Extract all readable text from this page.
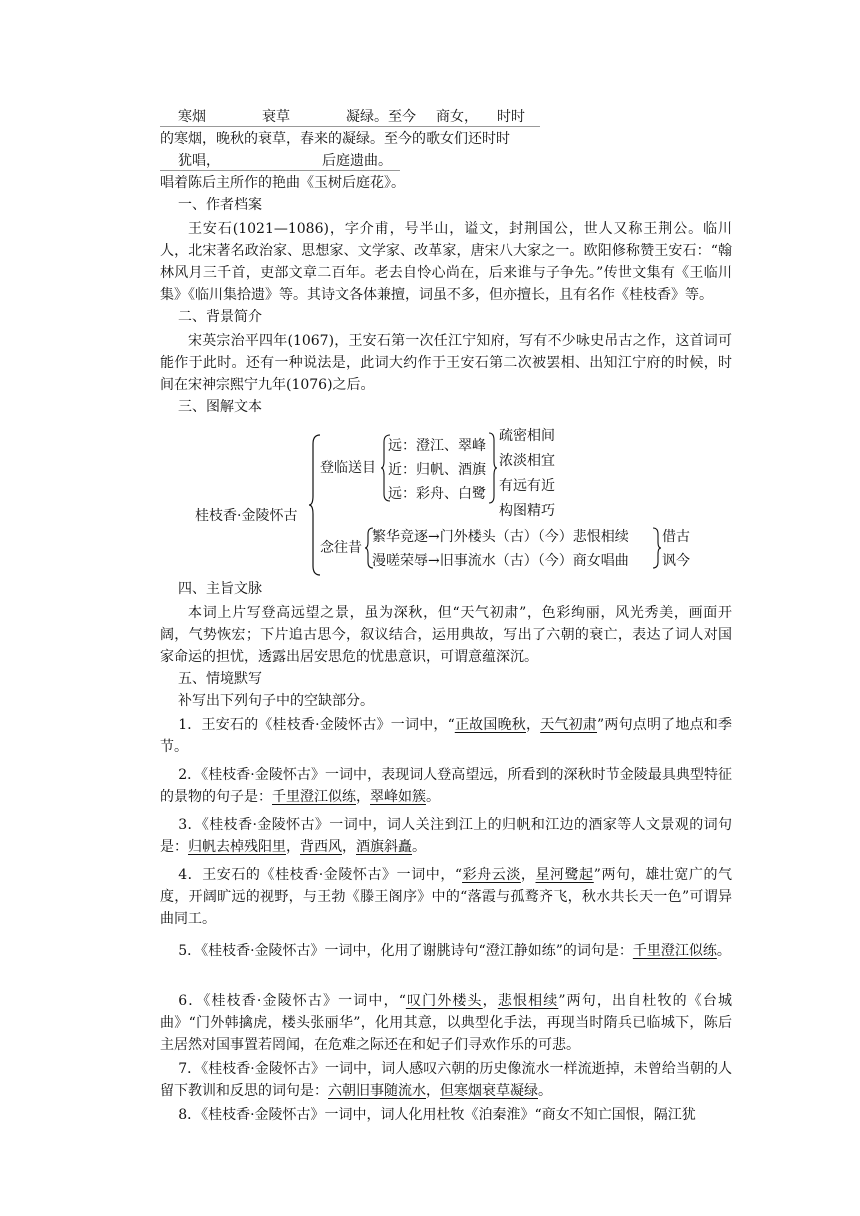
寒烟	衰草	凝绿。至今 商女， 时时
的寒烟，晚秋的衰草，春来的凝绿。至今的歌女们还时时
犹唱，	后庭遗曲。
唱着陈后主所作的艳曲《玉树后庭花》。
一、作者档案
王安石(1021—1086)，字介甫，号半山，谥文，封荆国公，世人又称王荆公。临川人，北宋著名政治家、思想家、文学家、改革家，唐宋八大家之一。欧阳修称赞王安石：“翰林风月三千首，吏部文章二百年。老去自怜心尚在，后来谁与子争先。”传世文集有《王临川集》《临川集拾遗》等。其诗文各体兼擅，词虽不多，但亦擅长，且有名作《桂枝香》等。
二、背景简介
宋英宗治平四年(1067)，王安石第一次任江宁知府，写有不少咏史吊古之作，这首词可能作于此时。还有一种说法是，此词大约作于王安石第二次被罢相、出知江宁府的时候，时间在宋神宗熙宁九年(1076)之后。
三、图解文本
桂枝香·金陵怀古
登临送目
远：澄江、翠峰
近：归帆、酒旗
远：彩舟、白鹭
疏密相间
浓淡相宜
有远有近
构图精巧
念往昔
繁华竞逐→门外楼头（古）（今）悲恨相续
漫嗟荣辱→旧事流水（古）（今）商女唱曲
借古
讽今
四、主旨文脉
本词上片写登高远望之景，虽为深秋，但“天气初肃”，色彩绚丽，风光秀美，画面开阔，气势恢宏；下片追古思今，叙议结合，运用典故，写出了六朝的衰亡，表达了词人对国家命运的担忧，透露出居安思危的忧患意识，可谓意蕴深沉。
五、情境默写
补写出下列句子中的空缺部分。
1．王安石的《桂枝香·金陵怀古》一词中，“正故国晚秋，天气初肃”两句点明了地点和季节。
2．《桂枝香·金陵怀古》一词中，表现词人登高望远，所看到的深秋时节金陵最具典型特征的景物的句子是：千里澄江似练，翠峰如簇。
3．《桂枝香·金陵怀古》一词中，词人关注到江上的归帆和江边的酒家等人文景观的词句是：归帆去棹残阳里，背西风，酒旗斜矗。
4．王安石的《桂枝香·金陵怀古》一词中，“彩舟云淡，星河鹭起”两句，雄壮宽广的气度，开阔旷远的视野，与王勃《滕王阁序》中的“落霞与孤鹜齐飞，秋水共长天一色”可谓异曲同工。
5．《桂枝香·金陵怀古》一词中，化用了谢朓诗句“澄江静如练”的词句是：千里澄江似练。
6．《桂枝香·金陵怀古》一词中，“叹门外楼头，悲恨相续”两句，出自杜牧的《台城曲》“门外韩擒虎，楼头张丽华”，化用其意，以典型化手法，再现当时隋兵已临城下，陈后主居然对国事置若罔闻，在危难之际还在和妃子们寻欢作乐的可悲。
7．《桂枝香·金陵怀古》一词中，词人感叹六朝的历史像流水一样流逝掉，未曾给当朝的人留下教训和反思的词句是：六朝旧事随流水，但寒烟衰草凝绿。
8．《桂枝香·金陵怀古》一词中，词人化用杜牧《泊秦淮》“商女不知亡国恨，隔江犹
